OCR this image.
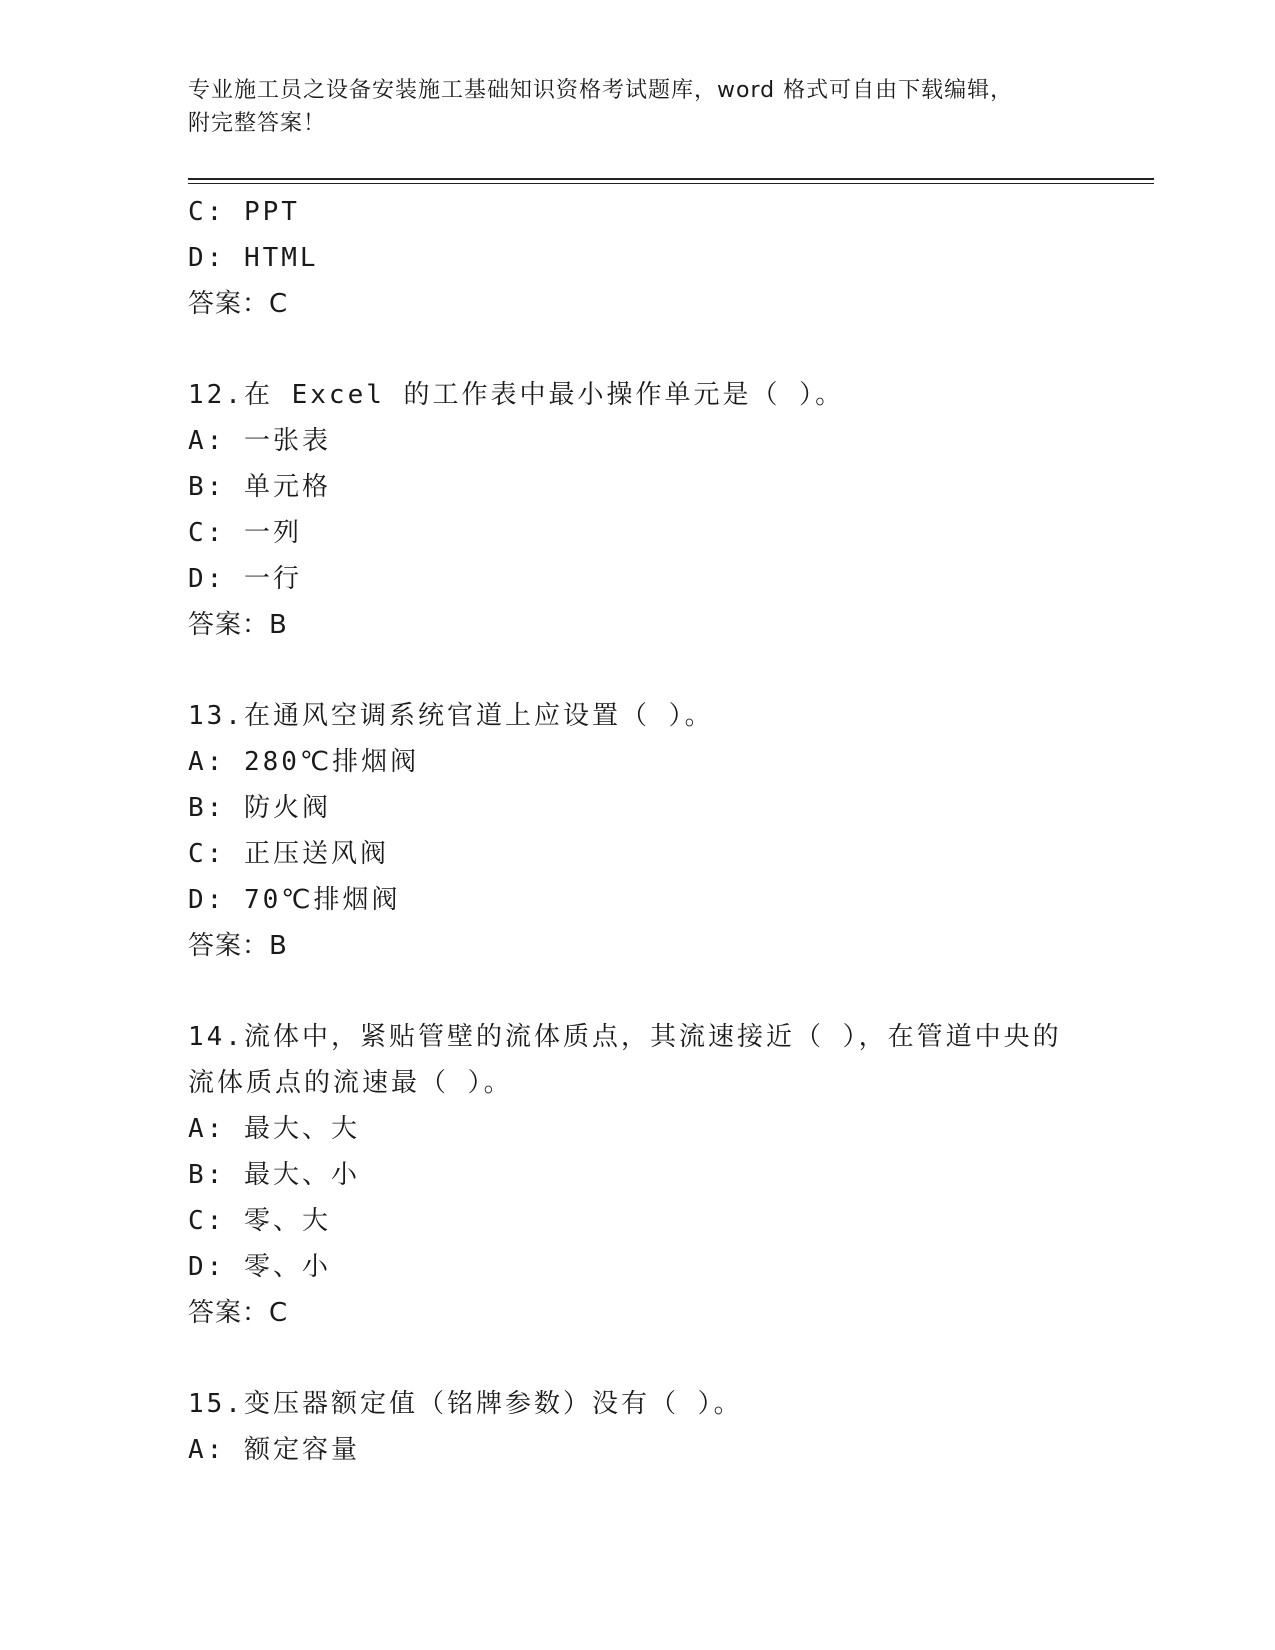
专业施工员之设备安装施工基础知识资格考试题库，word 格式可自由下载编辑，
附完整答案！
C: PPT
D: HTML
答案：C
12.在 Excel 的工作表中最小操作单元是（ ）。
A: 一张表
B: 单元格
C: 一列
D: 一行
答案：B
13.在通风空调系统官道上应设置（ ）。
A: 280℃排烟阀
B: 防火阀
C: 正压送风阀
D: 70℃排烟阀
答案：B
14.流体中，紧贴管壁的流体质点，其流速接近（ ），在管道中央的
流体质点的流速最（ ）。
A: 最大、大
B: 最大、小
C: 零、大
D: 零、小
答案：C
15.变压器额定值（铭牌参数）没有（ ）。
A: 额定容量
